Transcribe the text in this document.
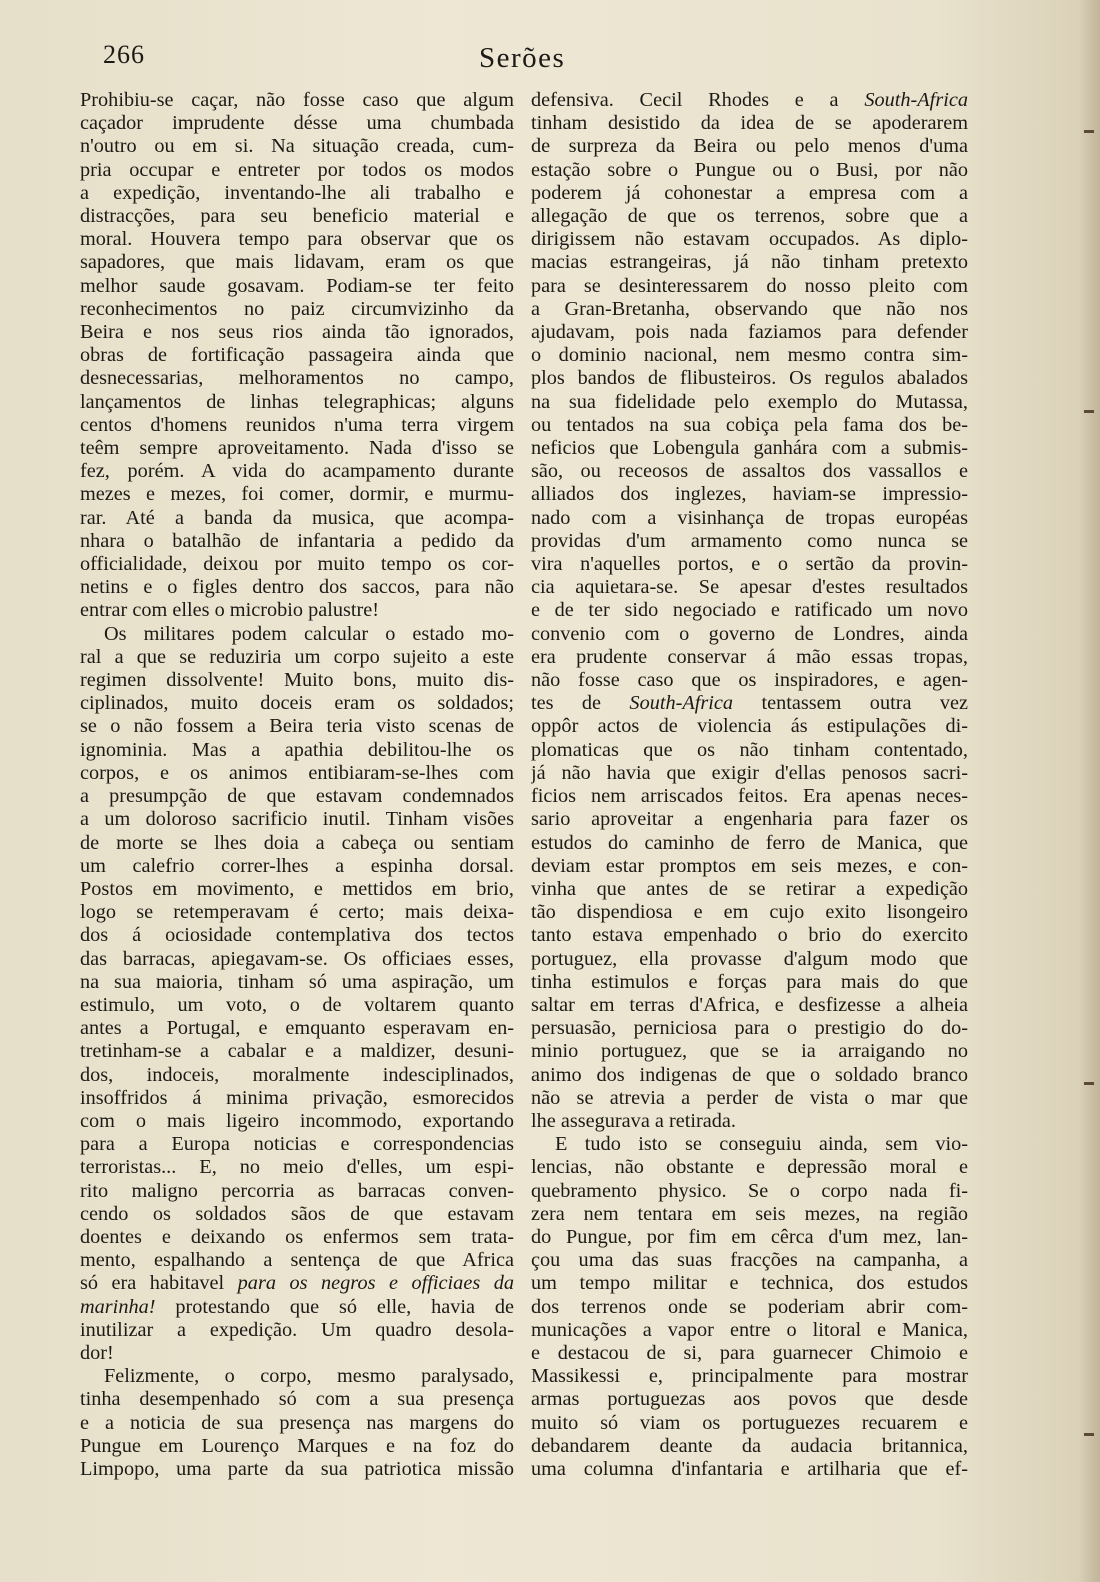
266	Serões
Prohibiu-se caçar, não fosse caso que algum
caçador imprudente désse uma chumbada
n'outro ou em si. Na situação creada, cum-
pria occupar e entreter por todos os modos
a expedição, inventando-lhe ali trabalho e
distracções, para seu beneficio material e
moral. Houvera tempo para observar que os
sapadores, que mais lidavam, eram os que
melhor saude gosavam. Podiam-se ter feito
reconhecimentos no paiz circumvizinho da
Beira e nos seus rios ainda tão ignorados,
obras de fortificação passageira ainda que
desnecessarias, melhoramentos no campo,
lançamentos de linhas telegraphicas; alguns
centos d'homens reunidos n'uma terra virgem
teêm sempre aproveitamento. Nada d'isso se
fez, porém. A vida do acampamento durante
mezes e mezes, foi comer, dormir, e murmu-
rar. Até a banda da musica, que acompa-
nhara o batalhão de infantaria a pedido da
officialidade, deixou por muito tempo os cor-
netins e o figles dentro dos saccos, para não
entrar com elles o microbio palustre!
Os militares podem calcular o estado mo-
ral a que se reduziria um corpo sujeito a este
regimen dissolvente! Muito bons, muito dis-
ciplinados, muito doceis eram os soldados;
se o não fossem a Beira teria visto scenas de
ignominia. Mas a apathia debilitou-lhe os
corpos, e os animos entibiaram-se-lhes com
a presumpção de que estavam condemnados
a um doloroso sacrificio inutil. Tinham visões
de morte se lhes doia a cabeça ou sentiam
um calefrio correr-lhes a espinha dorsal.
Postos em movimento, e mettidos em brio,
logo se retemperavam é certo; mais deixa-
dos á ociosidade contemplativa dos tectos
das barracas, apiegavam-se. Os officiaes esses,
na sua maioria, tinham só uma aspiração, um
estimulo, um voto, o de voltarem quanto
antes a Portugal, e emquanto esperavam en-
tretinham-se a cabalar e a maldizer, desuni-
dos, indoceis, moralmente indesciplinados,
insoffridos á minima privação, esmorecidos
com o mais ligeiro incommodo, exportando
para a Europa noticias e correspondencias
terroristas... E, no meio d'elles, um espi-
rito maligno percorria as barracas conven-
cendo os soldados sãos de que estavam
doentes e deixando os enfermos sem trata-
mento, espalhando a sentença de que Africa
só era habitavel para os negros e officiaes da
marinha! protestando que só elle, havia de
inutilizar a expedição. Um quadro desola-
dor!
Felizmente, o corpo, mesmo paralysado,
tinha desempenhado só com a sua presença
e a noticia de sua presença nas margens do
Pungue em Lourenço Marques e na foz do
Limpopo, uma parte da sua patriotica missão
defensiva. Cecil Rhodes e a South-Africa
tinham desistido da idea de se apoderarem
de surpreza da Beira ou pelo menos d'uma
estação sobre o Pungue ou o Busi, por não
poderem já cohonestar a empresa com a
allegação de que os terrenos, sobre que a
dirigissem não estavam occupados. As diplo-
macias estrangeiras, já não tinham pretexto
para se desinteressarem do nosso pleito com
a Gran-Bretanha, observando que não nos
ajudavam, pois nada faziamos para defender
o dominio nacional, nem mesmo contra sim-
plos bandos de flibusteiros. Os regulos abalados
na sua fidelidade pelo exemplo do Mutassa,
ou tentados na sua cobiça pela fama dos be-
neficios que Lobengula ganhára com a submis-
são, ou receosos de assaltos dos vassallos e
alliados dos inglezes, haviam-se impressio-
nado com a visinhança de tropas européas
providas d'um armamento como nunca se
vira n'aquelles portos, e o sertão da provin-
cia aquietara-se. Se apesar d'estes resultados
e de ter sido negociado e ratificado um novo
convenio com o governo de Londres, ainda
era prudente conservar á mão essas tropas,
não fosse caso que os inspiradores, e agen-
tes de South-Africa tentassem outra vez
oppôr actos de violencia ás estipulações di-
plomaticas que os não tinham contentado,
já não havia que exigir d'ellas penosos sacri-
ficios nem arriscados feitos. Era apenas neces-
sario aproveitar a engenharia para fazer os
estudos do caminho de ferro de Manica, que
deviam estar promptos em seis mezes, e con-
vinha que antes de se retirar a expedição
tão dispendiosa e em cujo exito lisongeiro
tanto estava empenhado o brio do exercito
portuguez, ella provasse d'algum modo que
tinha estimulos e forças para mais do que
saltar em terras d'Africa, e desfizesse a alheia
persuasão, perniciosa para o prestigio do do-
minio portuguez, que se ia arraigando no
animo dos indigenas de que o soldado branco
não se atrevia a perder de vista o mar que
lhe assegurava a retirada.
E tudo isto se conseguiu ainda, sem vio-
lencias, não obstante e depressão moral e
quebramento physico. Se o corpo nada fi-
zera nem tentara em seis mezes, na região
do Pungue, por fim em cêrca d'um mez, lan-
çou uma das suas fracções na campanha, a
um tempo militar e technica, dos estudos
dos terrenos onde se poderiam abrir com-
municações a vapor entre o litoral e Manica,
e destacou de si, para guarnecer Chimoio e
Massikessi e, principalmente para mostrar
armas portuguezas aos povos que desde
muito só viam os portuguezes recuarem e
debandarem deante da audacia britannica,
uma columna d'infantaria e artilharia que ef-
